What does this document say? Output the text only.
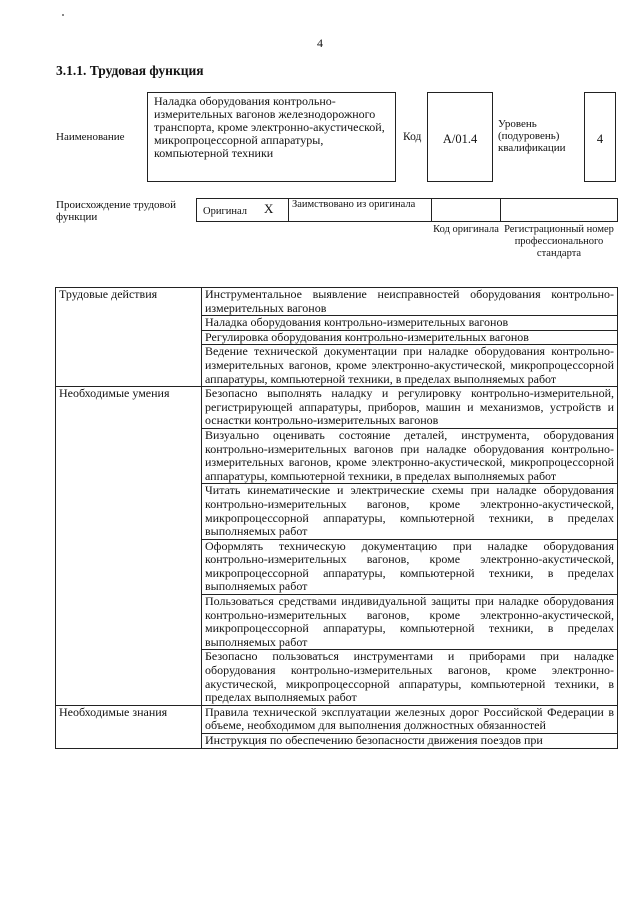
4
3.1.1. Трудовая функция
Наименование
Наладка оборудования контрольно-измерительных вагонов железнодорожного транспорта, кроме электронно-акустической, микропроцессорной аппаратуры, компьютерной техники
Код	А/01.4
Уровень (подуровень) квалификации
4
Происхождение трудовой функции	Оригинал X	Заимствовано из оригинала
Код оригинала Регистрационный номер профессионального стандарта
Трудовые действия	Инструментальное выявление неисправностей оборудования контрольно-измерительных вагонов
	Наладка оборудования контрольно-измерительных вагонов
	Регулировка оборудования контрольно-измерительных вагонов
	Ведение технической документации при наладке оборудования контрольно-измерительных вагонов, кроме электронно-акустической, микропроцессорной аппаратуры, компьютерной техники, в пределах выполняемых работ
Необходимые умения	Безопасно выполнять наладку и регулировку контрольно-измерительной, регистрирующей аппаратуры, приборов, машин и механизмов, устройств и оснастки контрольно-измерительных вагонов
	Визуально оценивать состояние деталей, инструмента, оборудования контрольно-измерительных вагонов при наладке оборудования контрольно-измерительных вагонов, кроме электронно-акустической, микропроцессорной аппаратуры, компьютерной техники, в пределах выполняемых работ
	Читать кинематические и электрические схемы при наладке оборудования контрольно-измерительных вагонов, кроме электронно-акустической, микропроцессорной аппаратуры, компьютерной техники, в пределах выполняемых работ
	Оформлять техническую документацию при наладке оборудования контрольно-измерительных вагонов, кроме электронно-акустической, микропроцессорной аппаратуры, компьютерной техники, в пределах выполняемых работ
	Пользоваться средствами индивидуальной защиты при наладке оборудования контрольно-измерительных вагонов, кроме электронно-акустической, микропроцессорной аппаратуры, компьютерной техники, в пределах выполняемых работ
	Безопасно пользоваться инструментами и приборами при наладке оборудования контрольно-измерительных вагонов, кроме электронно-акустической, микропроцессорной аппаратуры, компьютерной техники, в пределах выполняемых работ
Необходимые знания	Правила технической эксплуатации железных дорог Российской Федерации в объеме, необходимом для выполнения должностных обязанностей
	Инструкция по обеспечению безопасности движения поездов при
